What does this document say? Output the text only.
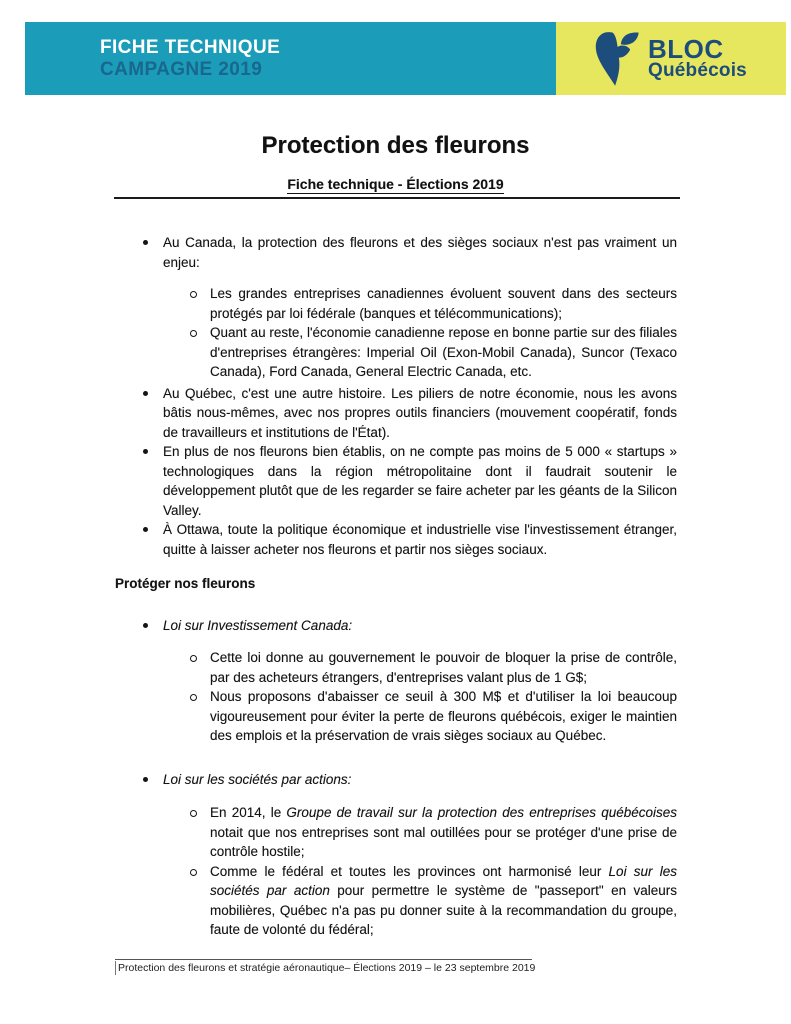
FICHE TECHNIQUE
CAMPAGNE 2019
BLOC
Québécois
Protection des fleurons
Fiche technique - Élections 2019
Au Canada, la protection des fleurons et des sièges sociaux n'est pas vraiment un enjeu:
Les grandes entreprises canadiennes évoluent souvent dans des secteurs protégés par loi fédérale (banques et télécommunications);
Quant au reste, l'économie canadienne repose en bonne partie sur des filiales d'entreprises étrangères: Imperial Oil (Exon-Mobil Canada), Suncor (Texaco Canada), Ford Canada, General Electric Canada, etc.
Au Québec, c'est une autre histoire. Les piliers de notre économie, nous les avons bâtis nous-mêmes, avec nos propres outils financiers (mouvement coopératif, fonds de travailleurs et institutions de l'État).
En plus de nos fleurons bien établis, on ne compte pas moins de 5 000 « startups » technologiques dans la région métropolitaine dont il faudrait soutenir le développement plutôt que de les regarder se faire acheter par les géants de la Silicon Valley.
À Ottawa, toute la politique économique et industrielle vise l'investissement étranger, quitte à laisser acheter nos fleurons et partir nos sièges sociaux.
Protéger nos fleurons
Loi sur Investissement Canada:
Cette loi donne au gouvernement le pouvoir de bloquer la prise de contrôle, par des acheteurs étrangers, d'entreprises valant plus de 1 G$;
Nous proposons d'abaisser ce seuil à 300 M$ et d'utiliser la loi beaucoup vigoureusement pour éviter la perte de fleurons québécois, exiger le maintien des emplois et la préservation de vrais sièges sociaux au Québec.
Loi sur les sociétés par actions:
En 2014, le Groupe de travail sur la protection des entreprises québécoises notait que nos entreprises sont mal outillées pour se protéger d'une prise de contrôle hostile;
Comme le fédéral et toutes les provinces ont harmonisé leur Loi sur les sociétés par action pour permettre le système de "passeport" en valeurs mobilières, Québec n'a pas pu donner suite à la recommandation du groupe, faute de volonté du fédéral;
Protection des fleurons et stratégie aéronautique– Élections 2019 – le 23 septembre 2019
